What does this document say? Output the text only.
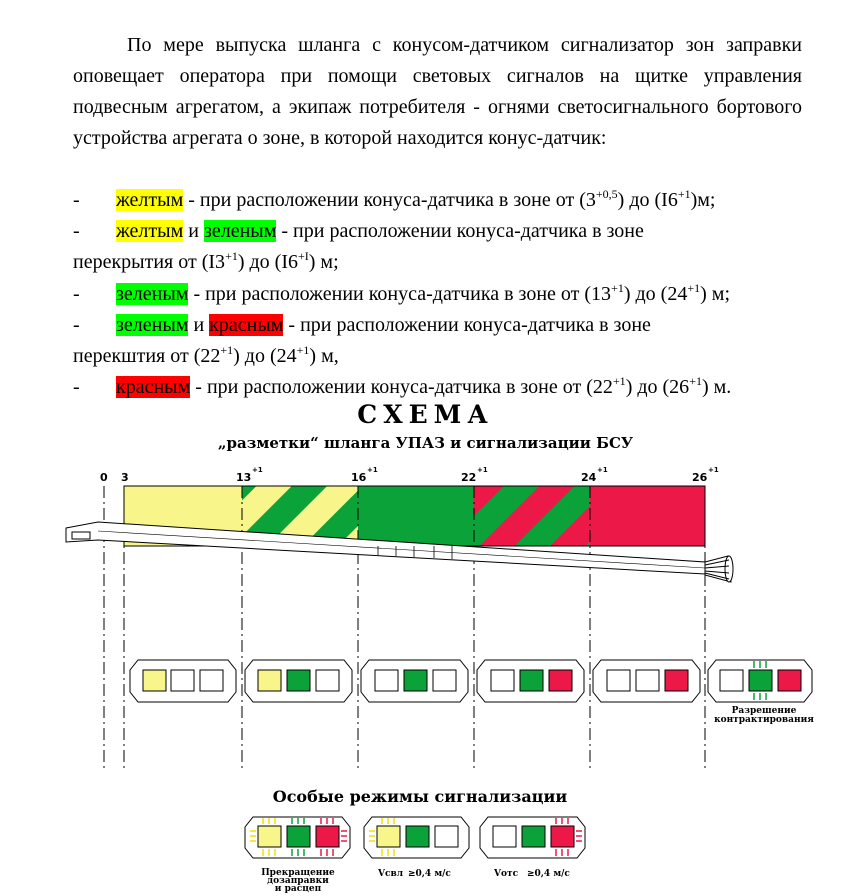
По мере выпуска шланга с конусом-датчиком сигнализатор зон заправки оповещает оператора при помощи световых сигналов на щитке управления подвесным агрегатом, а экипаж потребителя - огнями светосигнального бортового устройства агрегата о зоне, в которой находится конус-датчик:
- желтым - при расположении конуса-датчика в зоне от $(3^{+0,5})$ до $(I6^{+1})м$;
- желтым и зеленым - при расположении конуса-датчика в зоне
перекрытия от $(I3^{+1})$ до $(I6^{+I})$ м;
- зеленым - при расположении конуса-датчика в зоне от $(13^{+1})$ до $(24^{+1})$ м;
- зеленым и красным - при расположении конуса-датчика в зоне
перекштия от $(22^{+1})$ до $(24^{+1})$ м,
- красным - при расположении конуса-датчика в зоне от $(22^{+1})$ до $(26^{+1})$ м.
СХЕМА
„разметки“ шланга УПАЗ и сигнализации БСУ
0 3	13
+1
16
+1
22
+1
24
+1
26
+1
Разрешение
контрактирования
Прекращение
дозаправки
и расцеп
Vсвл ≥0,4 м/с	Vотс ≥0,4 м/с
Особые режимы сигнализации
